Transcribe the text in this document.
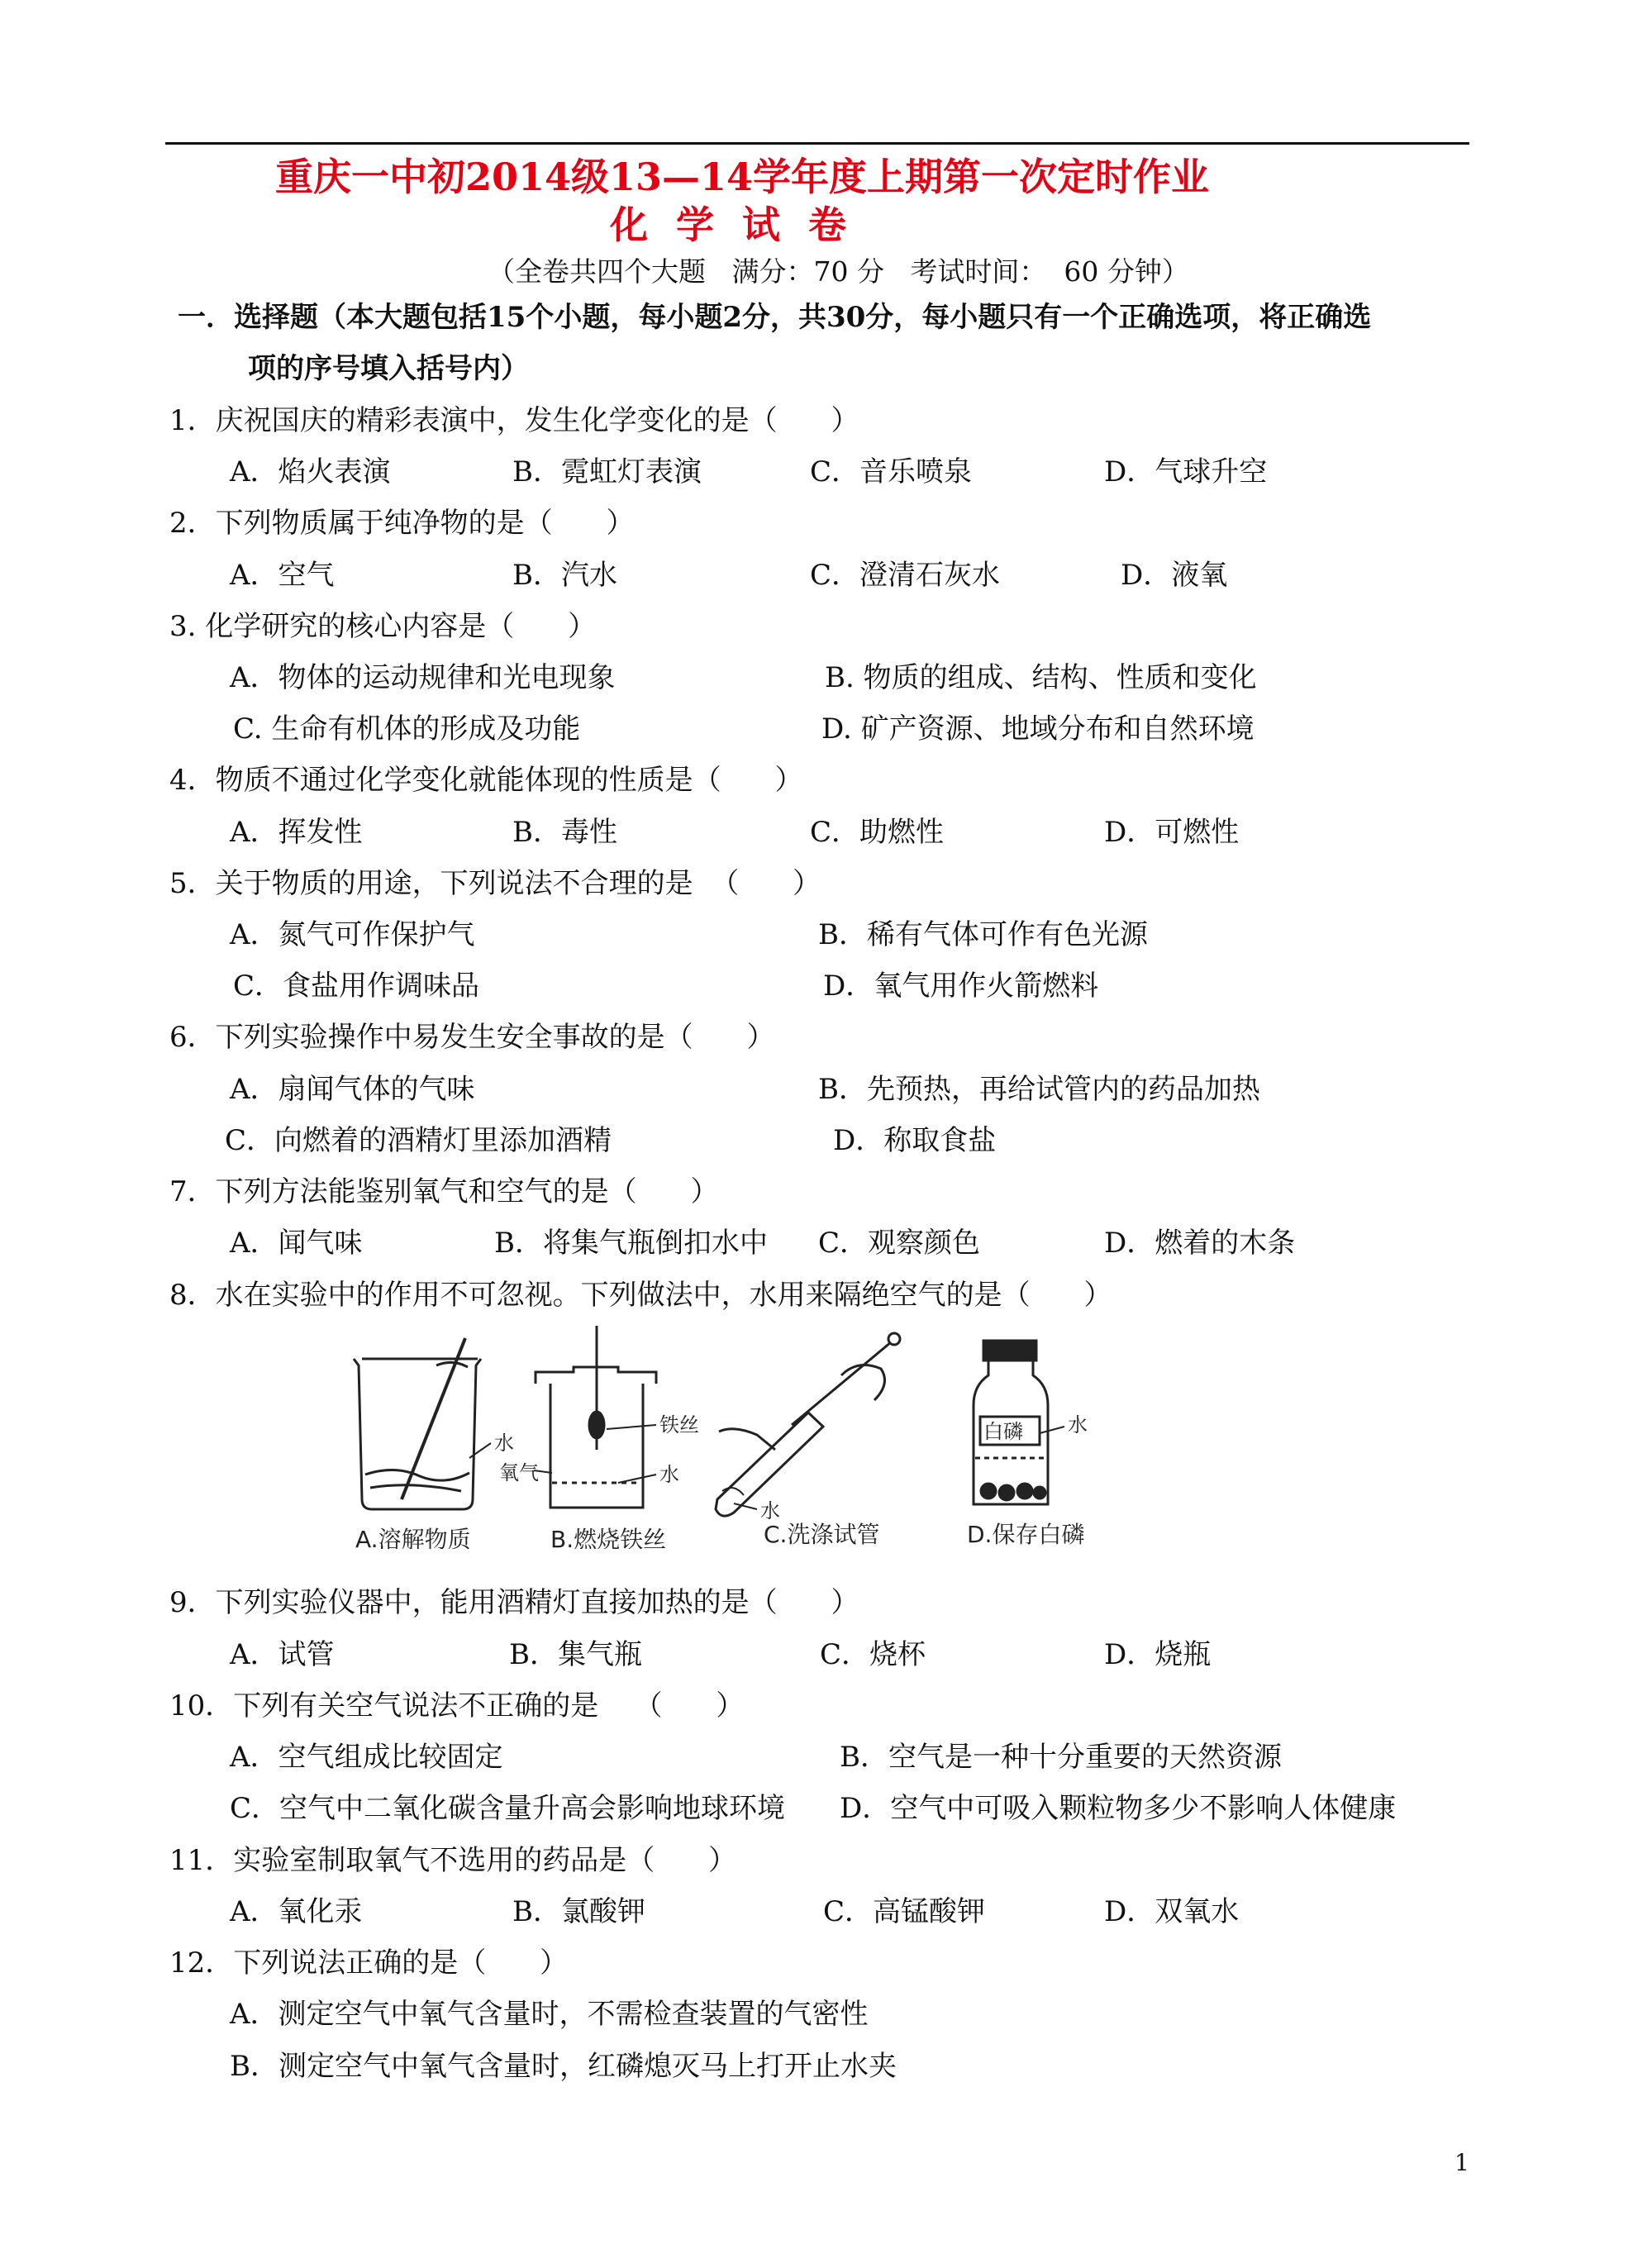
重庆一中初2014级13—14学年度上期第一次定时作业
化学试卷
（全卷共四个大题   满分：70 分   考试时间：  60 分钟）
一．选择题（本大题包括15个小题，每小题2分，共30分，每小题只有一个正确选项，将正确选
项的序号填入括号内）
1．庆祝国庆的精彩表演中，发生化学变化的是（      ）
A．焰火表演	B．霓虹灯表演	C．音乐喷泉	D．气球升空
2．下列物质属于纯净物的是（      ）
A．空气	B．汽水	C．澄清石灰水	D．液氧
3. 化学研究的核心内容是（      ）
A．物体的运动规律和光电现象	B. 物质的组成、结构、性质和变化
C. 生命有机体的形成及功能	D. 矿产资源、地域分布和自然环境
4．物质不通过化学变化就能体现的性质是（      ）
A．挥发性	B．毒性	C．助燃性	D．可燃性
5．关于物质的用途，下列说法不合理的是  （      ）
A．氮气可作保护气	B．稀有气体可作有色光源
C．食盐用作调味品	D．氧气用作火箭燃料
6．下列实验操作中易发生安全事故的是（      ）
A．扇闻气体的气味	B．先预热，再给试管内的药品加热
C．向燃着的酒精灯里添加酒精	D．称取食盐
7．下列方法能鉴别氧气和空气的是（      ）
A．闻气味	B．将集气瓶倒扣水中 C．观察颜色	D．燃着的木条
8．水在实验中的作用不可忽视。下列做法中，水用来隔绝空气的是（      ）
水
氧气
铁丝
水
水
白磷 水
A.溶解物质	B.燃烧铁丝	C.洗涤试管	D.保存白磷
9．下列实验仪器中，能用酒精灯直接加热的是（      ）
A．试管	B．集气瓶	C．烧杯	D．烧瓶
10．下列有关空气说法不正确的是    （      ）
A．空气组成比较固定	B．空气是一种十分重要的天然资源
C．空气中二氧化碳含量升高会影响地球环境 D．空气中可吸入颗粒物多少不影响人体健康
11．实验室制取氧气不选用的药品是（      ）
A．氧化汞	B．氯酸钾	C．高锰酸钾	D．双氧水
12．下列说法正确的是（      ）
A．测定空气中氧气含量时，不需检查装置的气密性
B．测定空气中氧气含量时，红磷熄灭马上打开止水夹
1
